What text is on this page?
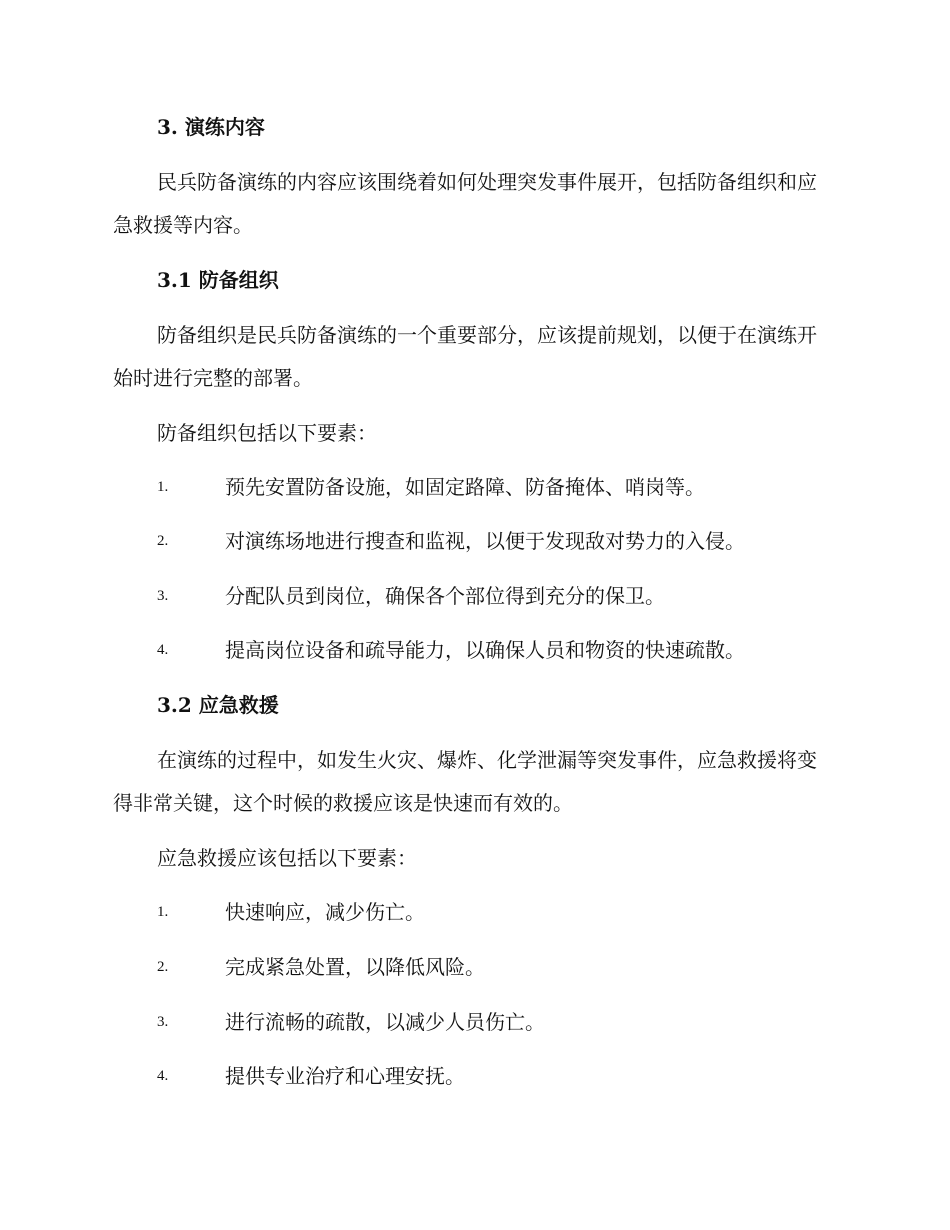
3. 演练内容
民兵防备演练的内容应该围绕着如何处理突发事件展开，包括防备组织和应急救援等内容。
3.1 防备组织
防备组织是民兵防备演练的一个重要部分，应该提前规划，以便于在演练开始时进行完整的部署。
防备组织包括以下要素：
1.	预先安置防备设施，如固定路障、防备掩体、哨岗等。
2.	对演练场地进行搜查和监视，以便于发现敌对势力的入侵。
3.	分配队员到岗位，确保各个部位得到充分的保卫。
4.	提高岗位设备和疏导能力，以确保人员和物资的快速疏散。
3.2 应急救援
在演练的过程中，如发生火灾、爆炸、化学泄漏等突发事件，应急救援将变得非常关键，这个时候的救援应该是快速而有效的。
应急救援应该包括以下要素：
1.	快速响应，减少伤亡。
2.	完成紧急处置，以降低风险。
3.	进行流畅的疏散，以减少人员伤亡。
4.	提供专业治疗和心理安抚。
